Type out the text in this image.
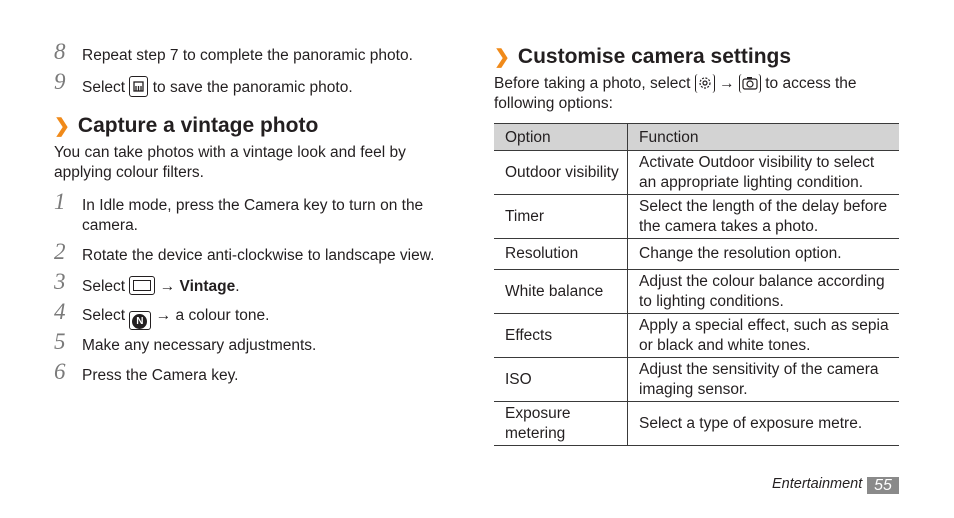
8	Repeat step 7 to complete the panoramic photo.
9	Select to save the panoramic photo.
❯ Capture a vintage photo
You can take photos with a vintage look and feel by applying colour filters.
1	In Idle mode, press the Camera key to turn on the camera.
2	Rotate the device anti-clockwise to landscape view.
3	Select → Vintage.
4	Select	N → a colour tone.
5	Make any necessary adjustments.
6	Press the Camera key.
❯ Customise camera settings
Before taking a photo, select → to access the following options:
Option	Function
Outdoor visibility	Activate Outdoor visibility to select an appropriate lighting condition.
Timer	Select the length of the delay before the camera takes a photo.
Resolution	Change the resolution option.
White balance	Adjust the colour balance according to lighting conditions.
Effects	Apply a special effect, such as sepia or black and white tones.
ISO	Adjust the sensitivity of the camera imaging sensor.
Exposure metering	Select a type of exposure metre.
Entertainment 55
